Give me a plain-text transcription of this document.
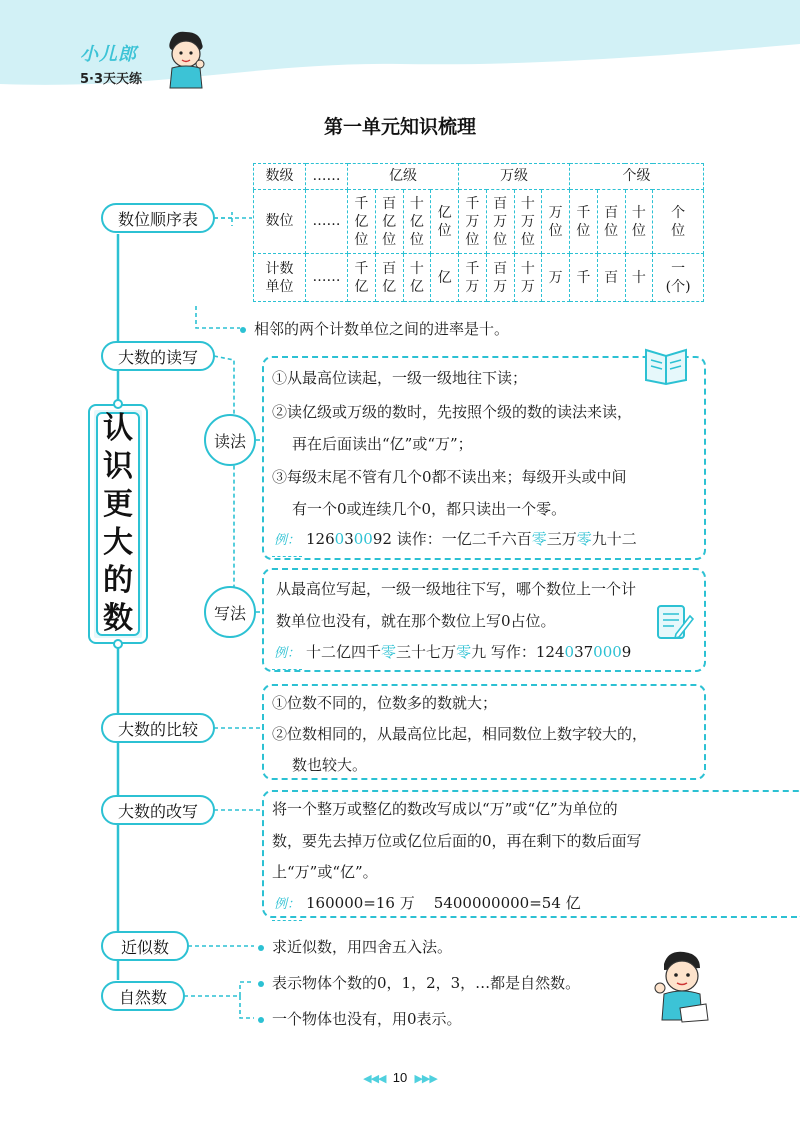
小儿郎
5·3天天练
第一单元知识梳理
认
识
更
大
的
数
数位顺序表
大数的读写
读法
写法
大数的比较
大数的改写
近似数
自然数
数级	……	亿级				万级				个级			
数位	……	千亿位	百亿位	十亿位	亿位	千万位	百万位	十万位	万位	千位	百位	十位	个位
计数单位	……	千亿	百亿	十亿	亿	千万	百万	十万	万	千	百	十	一(个)
相邻的两个计数单位之间的进率是十。
①从最高位读起，一级一级地往下读；
②读亿级或万级的数时，先按照个级的数的读法来读，
再在后面读出“亿”或“万”；
③每级末尾不管有几个0都不读出来；每级开头或中间
有一个0或连续几个0，都只读出一个零。
例： 126030092 读作：一亿二千六百零三万零九十二
从最高位写起，一级一级地往下写，哪个数位上一个计
数单位也没有，就在那个数位上写0占位。
例： 十二亿四千零三十七万零九 写作：1240370009
①位数不同的，位数多的数就大；
②位数相同的，从最高位比起，相同数位上数字较大的，
数也较大。
将一个整万或整亿的数改写成以“万”或“亿”为单位的
数，要先去掉万位或亿位后面的0，再在剩下的数后面写
上“万”或“亿”。
例： 160000=16 万    5400000000=54 亿
求近似数，用四舍五入法。
表示物体个数的0，1，2，3，…都是自然数。
一个物体也没有，用0表示。
◀◀◀ 10 ▶▶▶
